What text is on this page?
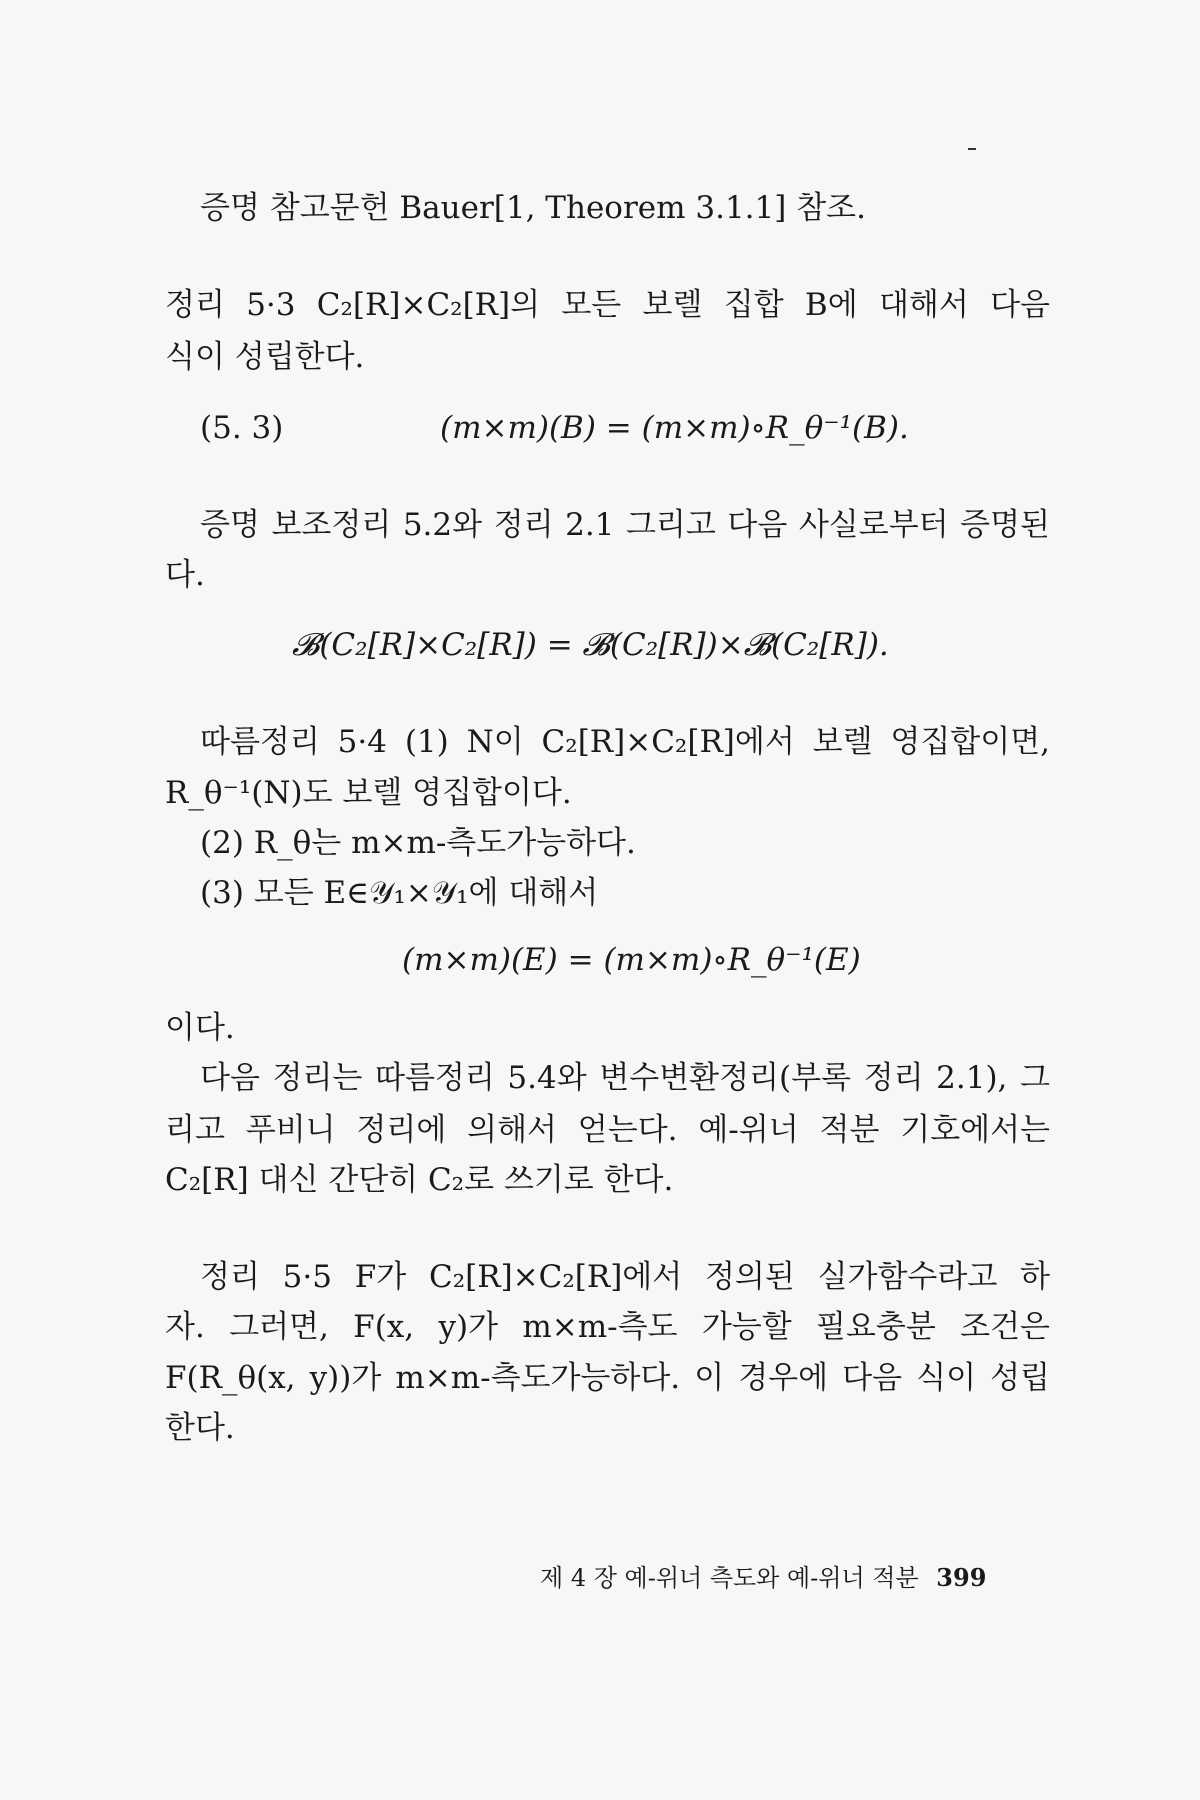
증명 참고문헌 Bauer[1, Theorem 3.1.1] 참조.
정리 5·3 C₂[R]×C₂[R]의 모든 보렐 집합 B에 대해서 다음
식이 성립한다.
(5. 3)	(m×m)(B) = (m×m)∘R_θ⁻¹(B).
증명 보조정리 5.2와 정리 2.1 그리고 다음 사실로부터 증명된
다.
𝓑(C₂[R]×C₂[R]) = 𝓑(C₂[R])×𝓑(C₂[R]).
따름정리 5·4 (1) N이 C₂[R]×C₂[R]에서 보렐 영집합이면,
R_θ⁻¹(N)도 보렐 영집합이다.
(2) R_θ는 m×m-측도가능하다.
(3) 모든 E∈𝒴₁×𝒴₁에 대해서
(m×m)(E) = (m×m)∘R_θ⁻¹(E)
이다.
다음 정리는 따름정리 5.4와 변수변환정리(부록 정리 2.1), 그
리고 푸비니 정리에 의해서 얻는다. 예-위너 적분 기호에서는
C₂[R] 대신 간단히 C₂로 쓰기로 한다.
정리 5·5 F가 C₂[R]×C₂[R]에서 정의된 실가함수라고 하
자. 그러면, F(x, y)가 m×m-측도 가능할 필요충분 조건은
F(R_θ(x, y))가 m×m-측도가능하다. 이 경우에 다음 식이 성립
한다.
제 4 장 예-위너 측도와 예-위너 적분 399
